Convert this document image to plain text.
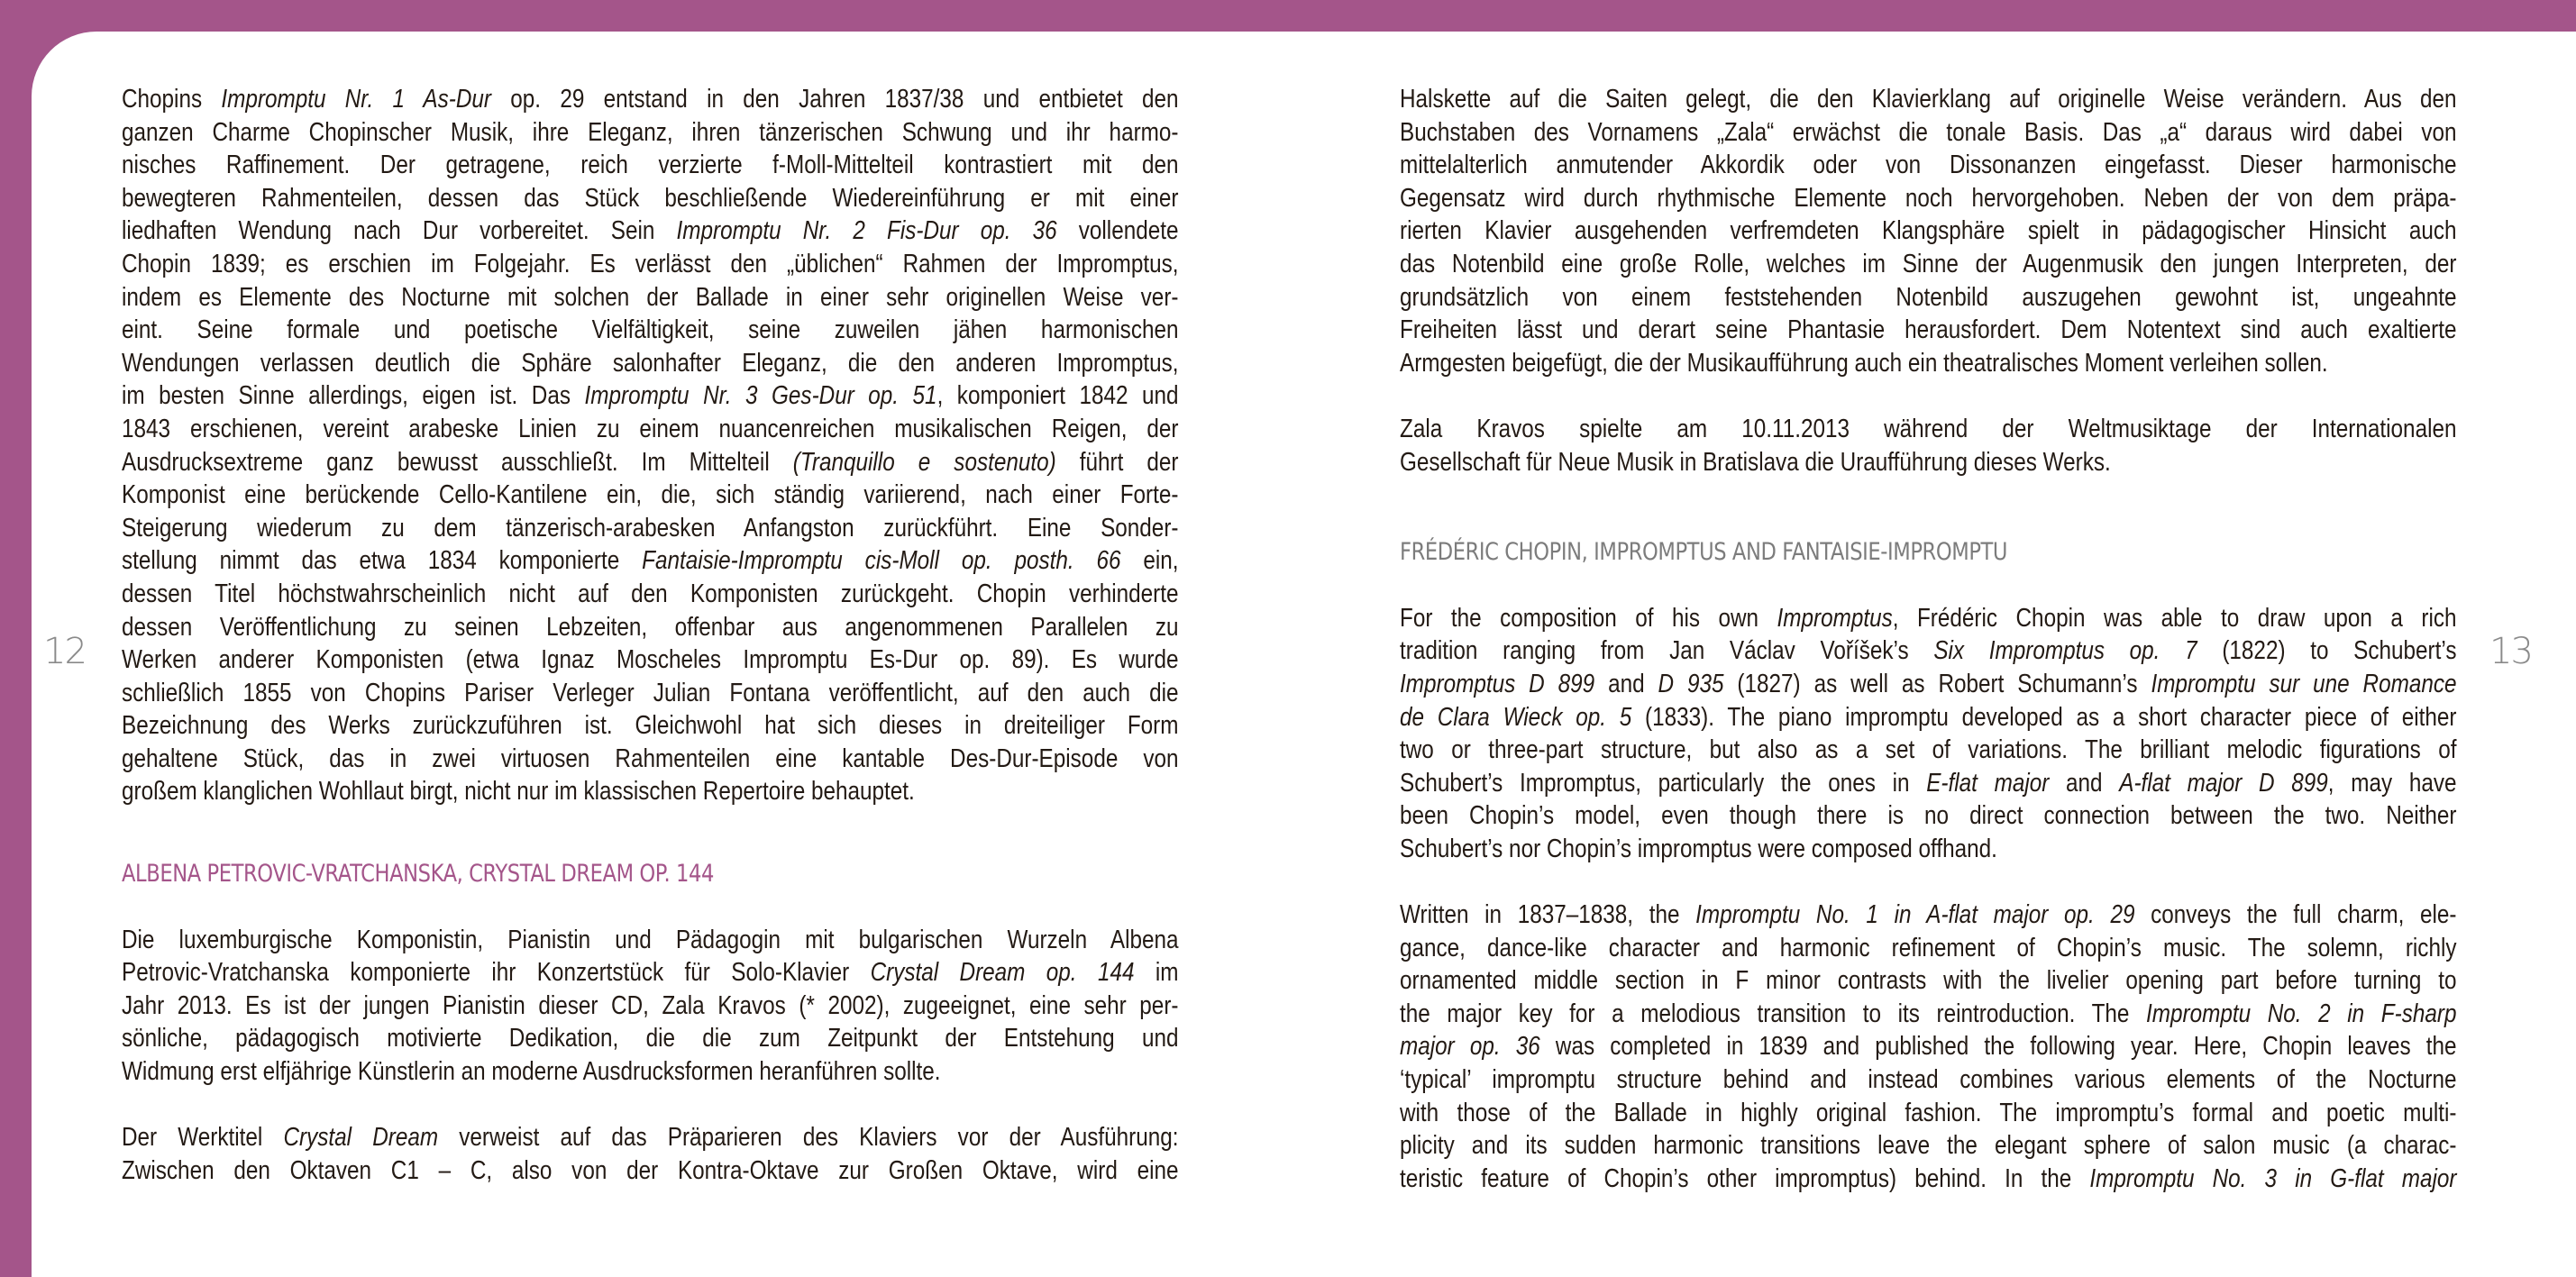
12	13
Chopins Impromptu Nr. 1 As-Dur op. 29 entstand in den Jahren 1837/38 und entbietet den
ganzen Charme Chopinscher Musik, ihre Eleganz, ihren tänzerischen Schwung und ihr harmo-
nisches Raffinement. Der getragene, reich verzierte f-Moll-Mittelteil kontrastiert mit den
bewegteren Rahmenteilen, dessen das Stück beschließende Wiedereinführung er mit einer
liedhaften Wendung nach Dur vorbereitet. Sein Impromptu Nr. 2 Fis-Dur op. 36 vollendete
Chopin 1839; es erschien im Folgejahr. Es verlässt den „üblichen“ Rahmen der Impromptus,
indem es Elemente des Nocturne mit solchen der Ballade in einer sehr originellen Weise ver-
eint. Seine formale und poetische Vielfältigkeit, seine zuweilen jähen harmonischen
Wendungen verlassen deutlich die Sphäre salonhafter Eleganz, die den anderen Impromptus,
im besten Sinne allerdings, eigen ist. Das Impromptu Nr. 3 Ges-Dur op. 51, komponiert 1842 und
1843 erschienen, vereint arabeske Linien zu einem nuancenreichen musikalischen Reigen, der
Ausdrucksextreme ganz bewusst ausschließt. Im Mittelteil (Tranquillo e sostenuto) führt der
Komponist eine berückende Cello-Kantilene ein, die, sich ständig variierend, nach einer Forte-
Steigerung wiederum zu dem tänzerisch-arabesken Anfangston zurückführt. Eine Sonder-
stellung nimmt das etwa 1834 komponierte Fantaisie-Impromptu cis-Moll op. posth. 66 ein,
dessen Titel höchstwahrscheinlich nicht auf den Komponisten zurückgeht. Chopin verhinderte
dessen Veröffentlichung zu seinen Lebzeiten, offenbar aus angenommenen Parallelen zu
Werken anderer Komponisten (etwa Ignaz Moscheles Impromptu Es-Dur op. 89). Es wurde
schließlich 1855 von Chopins Pariser Verleger Julian Fontana veröffentlicht, auf den auch die
Bezeichnung des Werks zurückzuführen ist. Gleichwohl hat sich dieses in dreiteiliger Form
gehaltene Stück, das in zwei virtuosen Rahmenteilen eine kantable Des-Dur-Episode von
großem klanglichen Wohllaut birgt, nicht nur im klassischen Repertoire behauptet.
ALBENA PETROVIC-VRATCHANSKA, CRYSTAL DREAM OP. 144
Die luxemburgische Komponistin, Pianistin und Pädagogin mit bulgarischen Wurzeln Albena
Petrovic-Vratchanska komponierte ihr Konzertstück für Solo-Klavier Crystal Dream op. 144 im
Jahr 2013. Es ist der jungen Pianistin dieser CD, Zala Kravos (* 2002), zugeeignet, eine sehr per-
sönliche, pädagogisch motivierte Dedikation, die die zum Zeitpunkt der Entstehung und
Widmung erst elfjährige Künstlerin an moderne Ausdrucksformen heranführen sollte.
Der Werktitel Crystal Dream verweist auf das Präparieren des Klaviers vor der Ausführung:
Zwischen den Oktaven C1 – C, also von der Kontra-Oktave zur Großen Oktave, wird eine
Halskette auf die Saiten gelegt, die den Klavierklang auf originelle Weise verändern. Aus den
Buchstaben des Vornamens „Zala“ erwächst die tonale Basis. Das „a“ daraus wird dabei von
mittelalterlich anmutender Akkordik oder von Dissonanzen eingefasst. Dieser harmonische
Gegensatz wird durch rhythmische Elemente noch hervorgehoben. Neben der von dem präpa-
rierten Klavier ausgehenden verfremdeten Klangsphäre spielt in pädagogischer Hinsicht auch
das Notenbild eine große Rolle, welches im Sinne der Augenmusik den jungen Interpreten, der
grundsätzlich von einem feststehenden Notenbild auszugehen gewohnt ist, ungeahnte
Freiheiten lässt und derart seine Phantasie herausfordert. Dem Notentext sind auch exaltierte
Armgesten beigefügt, die der Musikaufführung auch ein theatralisches Moment verleihen sollen.
Zala Kravos spielte am 10.11.2013 während der Weltmusiktage der Internationalen
Gesellschaft für Neue Musik in Bratislava die Uraufführung dieses Werks.
FRÉDÉRIC CHOPIN, IMPROMPTUS AND FANTAISIE-IMPROMPTU
For the composition of his own Impromptus, Frédéric Chopin was able to draw upon a rich
tradition ranging from Jan Václav Voříšek’s Six Impromptus op. 7 (1822) to Schubert’s
Impromptus D 899 and D 935 (1827) as well as Robert Schumann’s Impromptu sur une Romance
de Clara Wieck op. 5 (1833). The piano impromptu developed as a short character piece of either
two or three-part structure, but also as a set of variations. The brilliant melodic figurations of
Schubert’s Impromptus, particularly the ones in E-flat major and A-flat major D 899, may have
been Chopin’s model, even though there is no direct connection between the two. Neither
Schubert’s nor Chopin’s impromptus were composed offhand.
Written in 1837–1838, the Impromptu No. 1 in A-flat major op. 29 conveys the full charm, ele-
gance, dance-like character and harmonic refinement of Chopin’s music. The solemn, richly
ornamented middle section in F minor contrasts with the livelier opening part before turning to
the major key for a melodious transition to its reintroduction. The Impromptu No. 2 in F-sharp
major op. 36 was completed in 1839 and published the following year. Here, Chopin leaves the
‘typical’ impromptu structure behind and instead combines various elements of the Nocturne
with those of the Ballade in highly original fashion. The impromptu’s formal and poetic multi-
plicity and its sudden harmonic transitions leave the elegant sphere of salon music (a charac-
teristic feature of Chopin’s other impromptus) behind. In the Impromptu No. 3 in G-flat major
